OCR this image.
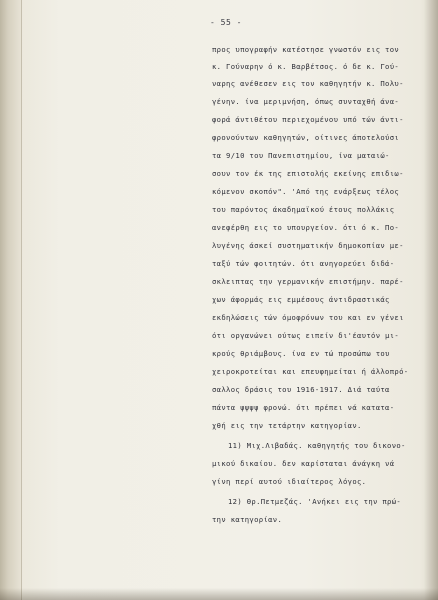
- 55 -
προς υπογραφήν κατέστησε γνωστόν εις τον
κ. Γούναρην ό κ. Βαρβέτσος. ό δε κ. Γού-
ναρης ανέθεσεν εις τον καθηγητήν κ. Πολυ-
γένην. ίνα μεριμνήση, όπως συνταχθή άνα-
φορά άντιθέτου περιεχομένου υπό τών άντι-
φρονούντων καθηγητών, οίτινες άποτελούσι
τα 9/10 του Πανεπιστημίου, ίνα ματαιώ-
σουν τον έκ της επιστολής εκείνης επιδιω-
κόμενον σκοπόν". 'Από της ενάρξεως τέλος
του παρόντος άκαδημαϊκού έτους πολλάκις
ανεφέρθη εις το υπουργείον. ότι ό κ. Πο-
λυγένης άσκεί συστηματικήν δημοκοπίαν με-
ταξύ τών φοιτητών. ότι ανηγορεύει διδά-
σκλειπτας την γερμανικήν επιστήμην. παρέ-
χων άφορμάς εις εμμέσους άντιδραστικάς
εκδηλώσεις τών όμοφρόνων του και εν γένει
ότι οργανώνει ούτως ειπείν δι'έαυτόν μι-
κρούς θριάμβους. ίνα εν τώ προσώπω του
χειροκροτείται και επευφημείται ή άλλοπρό-
σαλλος δράσις του 1916-1917. Διά ταύτα
πάντα ψψψψ φρονώ. ότι πρέπει νά κατατα-
χθή εις την τετάρτην κατηγορίαν.
11) Μιχ.Λιβαδάς. καθηγητής του δικονο-
μικού δικαίου. δεν καρίσταται άνάγκη νά
γίνη περί αυτού ιδιαίτερος λόγος.
12) Θρ.Πετμεζάς. 'Ανήκει εις την πρώ-
την κατηγορίαν.
